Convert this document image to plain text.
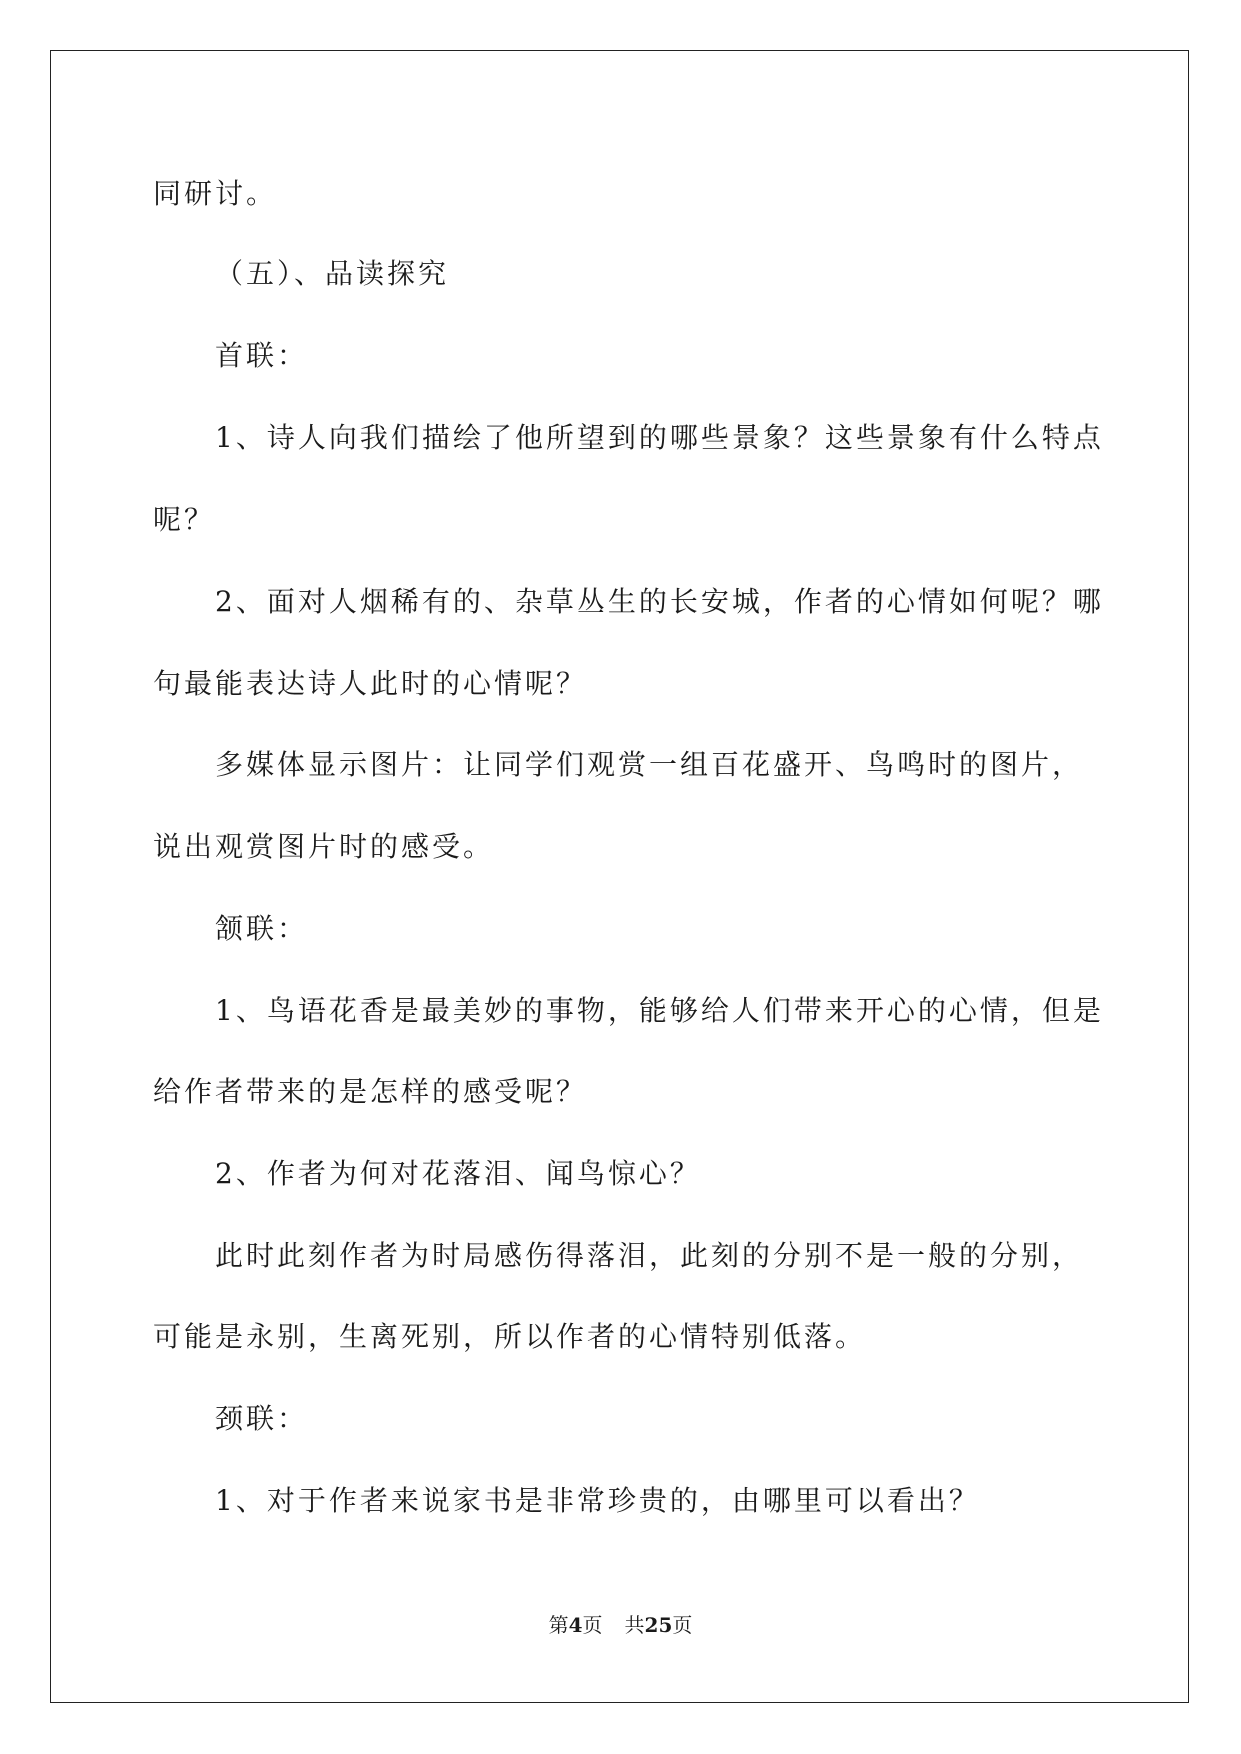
同研讨。
（五）、品读探究
首联：
1、诗人向我们描绘了他所望到的哪些景象？这些景象有什么特点
呢？
2、面对人烟稀有的、杂草丛生的长安城，作者的心情如何呢？哪
句最能表达诗人此时的心情呢？
多媒体显示图片：让同学们观赏一组百花盛开、鸟鸣时的图片，
说出观赏图片时的感受。
颔联：
1、鸟语花香是最美妙的事物，能够给人们带来开心的心情，但是
给作者带来的是怎样的感受呢？
2、作者为何对花落泪、闻鸟惊心？
此时此刻作者为时局感伤得落泪，此刻的分别不是一般的分别，
可能是永别，生离死别，所以作者的心情特别低落。
颈联：
1、对于作者来说家书是非常珍贵的，由哪里可以看出？
第4页 共25页
